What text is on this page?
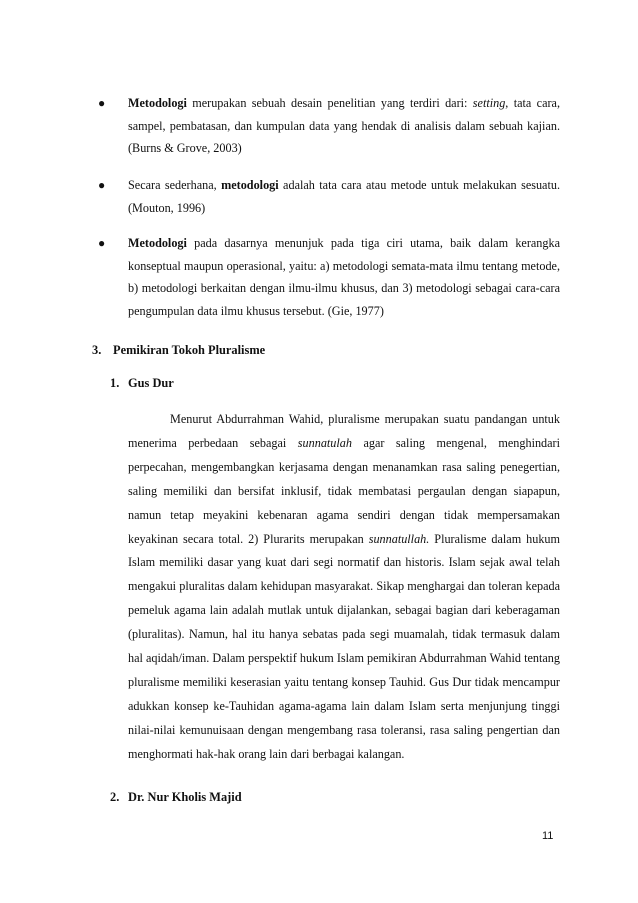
●	Metodologi merupakan sebuah desain penelitian yang terdiri dari: setting, tata cara, sampel, pembatasan, dan kumpulan data yang hendak di analisis dalam sebuah kajian. (Burns & Grove, 2003)
●	Secara sederhana, metodologi adalah tata cara atau metode untuk melakukan sesuatu. (Mouton, 1996)
●	Metodologi pada dasarnya menunjuk pada tiga ciri utama, baik dalam kerangka konseptual maupun operasional, yaitu: a) metodologi semata-mata ilmu tentang metode, b) metodologi berkaitan dengan ilmu-ilmu khusus, dan 3) metodologi sebagai cara-cara pengumpulan data ilmu khusus tersebut. (Gie, 1977)
3. Pemikiran Tokoh Pluralisme
1. Gus Dur
Menurut Abdurrahman Wahid, pluralisme merupakan suatu pandangan untuk menerima perbedaan sebagai sunnatulah agar saling mengenal, menghindari perpecahan, mengembangkan kerjasama dengan menanamkan rasa saling penegertian, saling memiliki dan bersifat inklusif, tidak membatasi pergaulan dengan siapapun, namun tetap meyakini kebenaran agama sendiri dengan tidak mempersamakan keyakinan secara total. 2) Plurarits merupakan sunnatullah. Pluralisme dalam hukum Islam memiliki dasar yang kuat dari segi normatif dan historis. Islam sejak awal telah mengakui pluralitas dalam kehidupan masyarakat. Sikap menghargai dan toleran kepada pemeluk agama lain adalah mutlak untuk dijalankan, sebagai bagian dari keberagaman (pluralitas). Namun, hal itu hanya sebatas pada segi muamalah, tidak termasuk dalam hal aqidah/iman. Dalam perspektif hukum Islam pemikiran Abdurrahman Wahid tentang pluralisme memiliki keserasian yaitu tentang konsep Tauhid. Gus Dur tidak mencampur adukkan konsep ke-Tauhidan agama-agama lain dalam Islam serta menjunjung tinggi nilai-nilai kemunuisaan dengan mengembang rasa toleransi, rasa saling pengertian dan menghormati hak-hak orang lain dari berbagai kalangan.
2. Dr. Nur Kholis Majid
11
